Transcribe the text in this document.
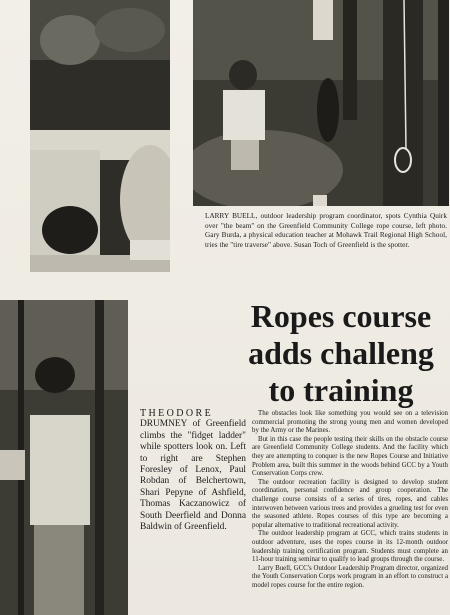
LARRY BUELL, outdoor leadership program coordinator, spots Cynthia Quirk over "the beam" on the Greenfield Community College rope course, left photo. Gary Burda, a physical education teacher at Mohawk Trail Regional High School, tries the "tire traverse" above. Susan Toch of Greenfield is the spotter.
Ropes course
adds challeng
to training
THEODORE
DRUMNEY of Greenfield climbs the "fidget ladder" while spotters look on. Left to right are Stephen Foresley of Lenox, Paul Robdan of Belchertown, Shari Pepyne of Ashfield, Thomas Kaczanowicz of South Deerfield and Donna Baldwin of Greenfield.

The obstacles look like something you would see on a television commercial promoting the strong young men and women developed by the Army or the Marines.

But in this case the people testing their skills on the obstacle course are Greenfield Community College students. And the facility which they are attempting to conquer is the new Ropes Course and Initiative Problem area, built this summer in the woods behind GCC by a Youth Conservation Corps crew.

The outdoor recreation facility is designed to develop student coordination, personal confidence and group cooperation. The challenge course consists of a series of tires, ropes, and cables interwoven between various trees and provides a grueling test for even the seasoned athlete. Ropes courses of this type are becoming a popular alternative to traditional recreational activity.

The outdoor leadership program at GCC, which trains students in outdoor adventure, uses the ropes course in its 12-month outdoor leadership training certification program. Students must complete an 11-hour training seminar to qualify to lead groups through the course.

Larry Buell, GCC's Outdoor Leadership Program director, organized the Youth Conservation Corps work program in an effort to construct a model ropes course for the entire region.
